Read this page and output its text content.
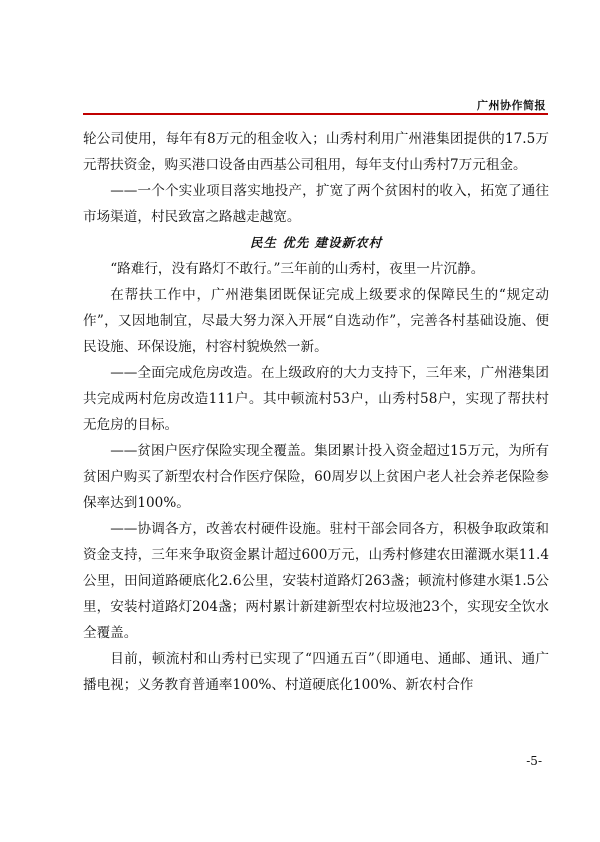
广州协作简报

轮公司使用，每年有8万元的租金收入；山秀村利用广州港集团提供的17.5万元帮扶资金，购买港口设备由西基公司租用，每年支付山秀村7万元租金。

——一个个实业项目落实地投产，扩宽了两个贫困村的收入，拓宽了通往市场渠道，村民致富之路越走越宽。

民生 优先 建设新农村

“路难行，没有路灯不敢行。”三年前的山秀村，夜里一片沉静。

在帮扶工作中，广州港集团既保证完成上级要求的保障民生的“规定动作”，又因地制宜，尽最大努力深入开展“自选动作”，完善各村基础设施、便民设施、环保设施，村容村貌焕然一新。

——全面完成危房改造。在上级政府的大力支持下，三年来，广州港集团共完成两村危房改造111户。其中顿流村53户，山秀村58户，实现了帮扶村无危房的目标。

——贫困户医疗保险实现全覆盖。集团累计投入资金超过15万元，为所有贫困户购买了新型农村合作医疗保险，60周岁以上贫困户老人社会养老保险参保率达到100%。

——协调各方，改善农村硬件设施。驻村干部会同各方，积极争取政策和资金支持，三年来争取资金累计超过600万元，山秀村修建农田灌溉水渠11.4公里，田间道路硬底化2.6公里，安装村道路灯263盏；顿流村修建水渠1.5公里，安装村道路灯204盏；两村累计新建新型农村垃圾池23个，实现安全饮水全覆盖。

目前，顿流村和山秀村已实现了“四通五百”（即通电、通邮、通讯、通广播电视；义务教育普通率100%、村道硬底化100%、新农村合作

-5-
